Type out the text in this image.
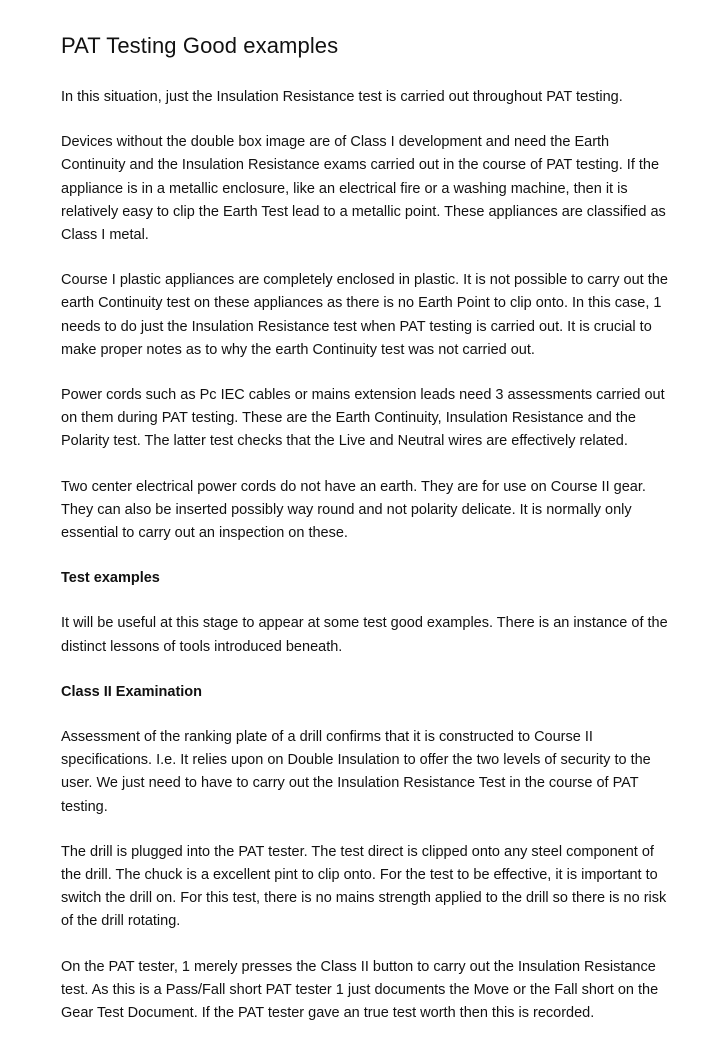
PAT Testing Good examples
In this situation, just the Insulation Resistance test is carried out throughout PAT testing.
Devices without the double box image are of Class I development and need the Earth Continuity and the Insulation Resistance exams carried out in the course of PAT testing. If the appliance is in a metallic enclosure, like an electrical fire or a washing machine, then it is relatively easy to clip the Earth Test lead to a metallic point. These appliances are classified as Class I metal.
Course I plastic appliances are completely enclosed in plastic. It is not possible to carry out the earth Continuity test on these appliances as there is no Earth Point to clip onto. In this case, 1 needs to do just the Insulation Resistance test when PAT testing is carried out. It is crucial to make proper notes as to why the earth Continuity test was not carried out.
Power cords such as Pc IEC cables or mains extension leads need 3 assessments carried out on them during PAT testing. These are the Earth Continuity, Insulation Resistance and the Polarity test. The latter test checks that the Live and Neutral wires are effectively related.
Two center electrical power cords do not have an earth. They are for use on Course II gear. They can also be inserted possibly way round and not polarity delicate. It is normally only essential to carry out an inspection on these.
Test examples
It will be useful at this stage to appear at some test good examples. There is an instance of the distinct lessons of tools introduced beneath.
Class II Examination
Assessment of the ranking plate of a drill confirms that it is constructed to Course II specifications. I.e. It relies upon on Double Insulation to offer the two levels of security to the user. We just need to have to carry out the Insulation Resistance Test in the course of PAT testing.
The drill is plugged into the PAT tester. The test direct is clipped onto any steel component of the drill. The chuck is a excellent pint to clip onto. For the test to be effective, it is important to switch the drill on. For this test, there is no mains strength applied to the drill so there is no risk of the drill rotating.
On the PAT tester, 1 merely presses the Class II button to carry out the Insulation Resistance test. As this is a Pass/Fall short PAT tester 1 just documents the Move or the Fall short on the Gear Test Document. If the PAT tester gave an true test worth then this is recorded.
